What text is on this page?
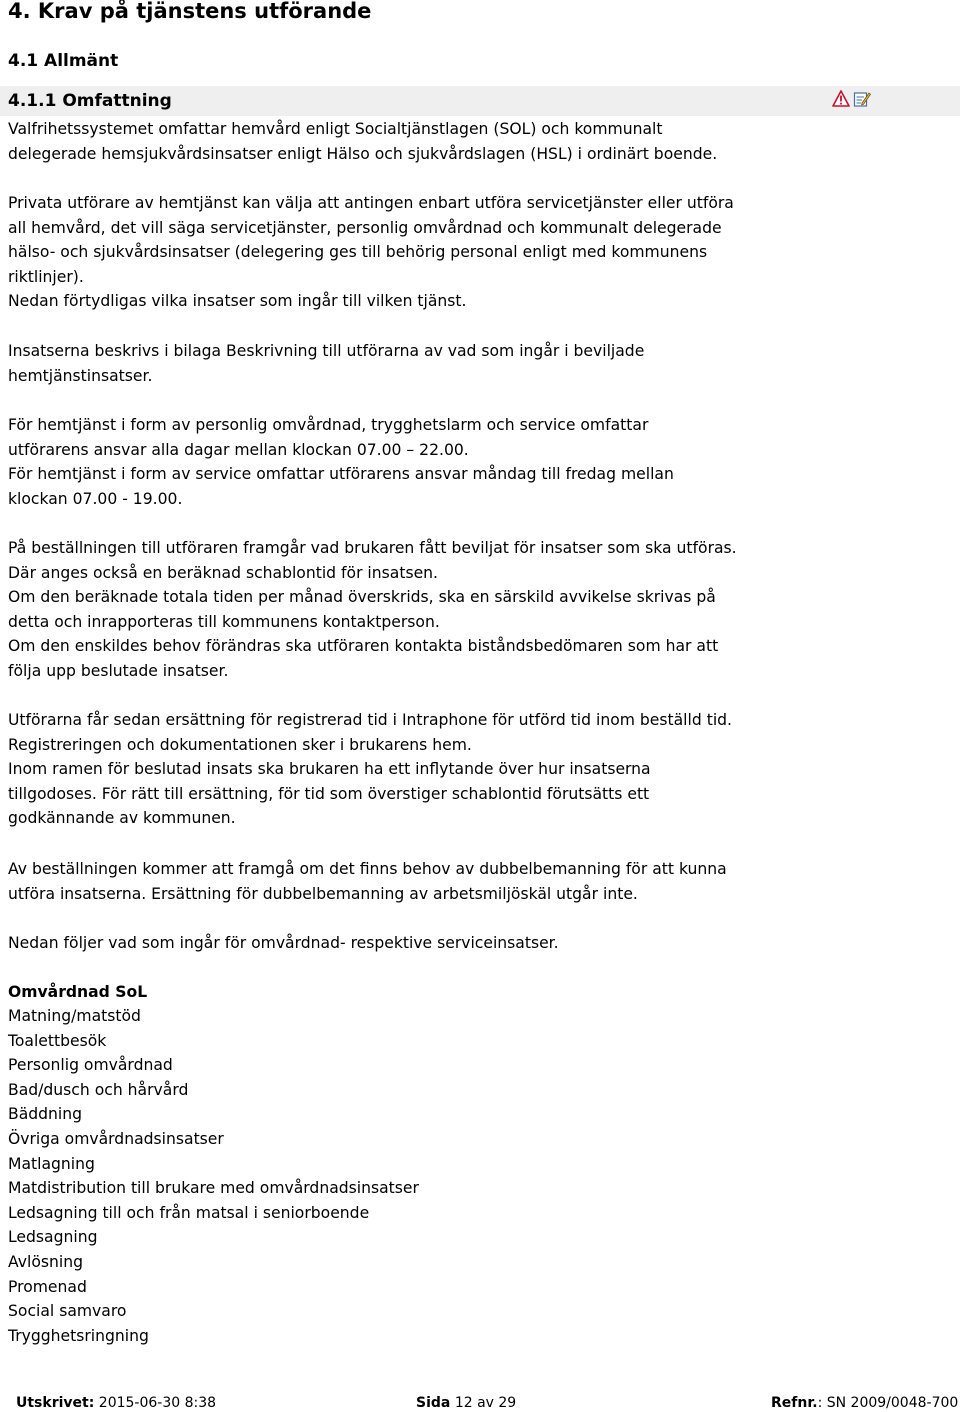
4. Krav på tjänstens utförande
4.1 Allmänt
4.1.1 Omfattning
Valfrihetssystemet omfattar hemvård enligt Socialtjänstlagen (SOL) och kommunalt
delegerade hemsjukvårdsinsatser enligt Hälso och sjukvårdslagen (HSL) i ordinärt boende.
Privata utförare av hemtjänst kan välja att antingen enbart utföra servicetjänster eller utföra
all hemvård, det vill säga servicetjänster, personlig omvårdnad och kommunalt delegerade
hälso- och sjukvårdsinsatser (delegering ges till behörig personal enligt med kommunens
riktlinjer).
Nedan förtydligas vilka insatser som ingår till vilken tjänst.
Insatserna beskrivs i bilaga Beskrivning till utförarna av vad som ingår i beviljade
hemtjänstinsatser.
För hemtjänst i form av personlig omvårdnad, trygghetslarm och service omfattar
utförarens ansvar alla dagar mellan klockan 07.00 – 22.00.
För hemtjänst i form av service omfattar utförarens ansvar måndag till fredag mellan
klockan 07.00 - 19.00.
På beställningen till utföraren framgår vad brukaren fått beviljat för insatser som ska utföras.
Där anges också en beräknad schablontid för insatsen.
Om den beräknade totala tiden per månad överskrids, ska en särskild avvikelse skrivas på
detta och inrapporteras till kommunens kontaktperson.
Om den enskildes behov förändras ska utföraren kontakta biståndsbedömaren som har att
följa upp beslutade insatser.
Utförarna får sedan ersättning för registrerad tid i Intraphone för utförd tid inom beställd tid.
Registreringen och dokumentationen sker i brukarens hem.
Inom ramen för beslutad insats ska brukaren ha ett inflytande över hur insatserna
tillgodoses. För rätt till ersättning, för tid som överstiger schablontid förutsätts ett
godkännande av kommunen.
Av beställningen kommer att framgå om det finns behov av dubbelbemanning för att kunna
utföra insatserna. Ersättning för dubbelbemanning av arbetsmiljöskäl utgår inte.
Nedan följer vad som ingår för omvårdnad- respektive serviceinsatser.
Omvårdnad SoL
Matning/matstöd
Toalettbesök
Personlig omvårdnad
Bad/dusch och hårvård
Bäddning
Övriga omvårdnadsinsatser
Matlagning
Matdistribution till brukare med omvårdnadsinsatser
Ledsagning till och från matsal i seniorboende
Ledsagning
Avlösning
Promenad
Social samvaro
Trygghetsringning
Utskrivet: 2015-06-30 8:38	Sida 12 av 29	Refnr.: SN 2009/0048-700
